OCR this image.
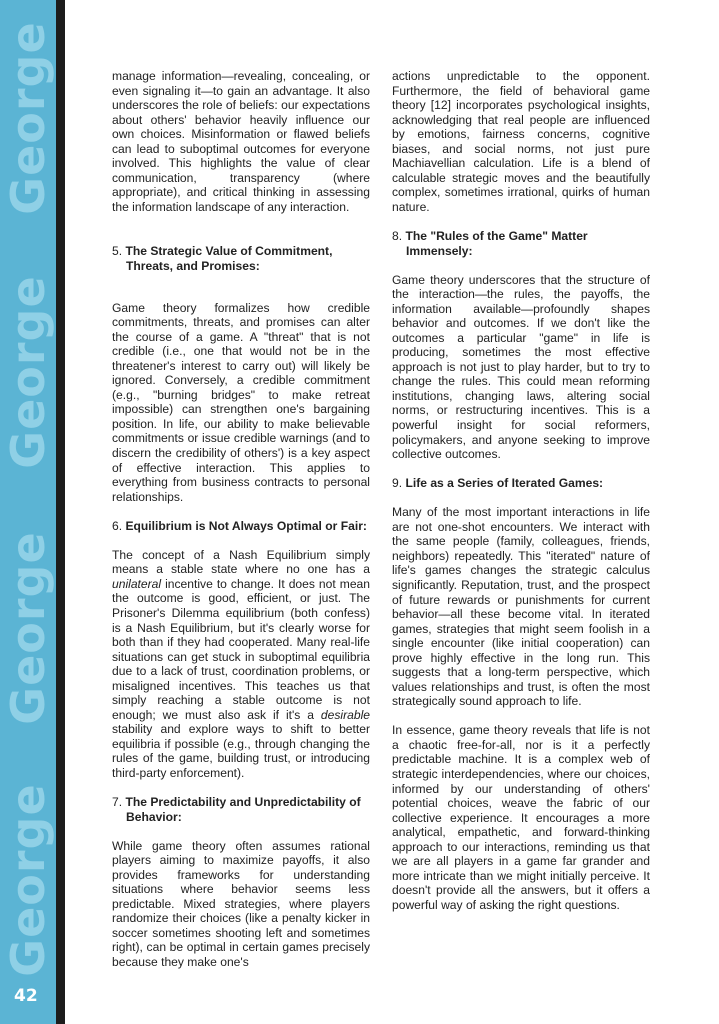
George
George
George
George
42

manage information—revealing, concealing, or even signaling it—to gain an advantage. It also underscores the role of beliefs: our expectations about others' behavior heavily influence our own choices. Misinformation or flawed beliefs can lead to suboptimal outcomes for everyone involved. This highlights the value of clear communication, transparency (where appropriate), and critical thinking in assessing the information landscape of any interaction.

5. The Strategic Value of Commitment, Threats, and Promises:

Game theory formalizes how credible commitments, threats, and promises can alter the course of a game. A "threat" that is not credible (i.e., one that would not be in the threatener's interest to carry out) will likely be ignored. Conversely, a credible commitment (e.g., "burning bridges" to make retreat impossible) can strengthen one's bargaining position. In life, our ability to make believable commitments or issue credible warnings (and to discern the credibility of others') is a key aspect of effective interaction. This applies to everything from business contracts to personal relationships.

6. Equilibrium is Not Always Optimal or Fair:

The concept of a Nash Equilibrium simply means a stable state where no one has a unilateral incentive to change. It does not mean the outcome is good, efficient, or just. The Prisoner's Dilemma equilibrium (both confess) is a Nash Equilibrium, but it's clearly worse for both than if they had cooperated. Many real-life situations can get stuck in suboptimal equilibria due to a lack of trust, coordination problems, or misaligned incentives. This teaches us that simply reaching a stable outcome is not enough; we must also ask if it's a desirable stability and explore ways to shift to better equilibria if possible (e.g., through changing the rules of the game, building trust, or introducing third-party enforcement).

7. The Predictability and Unpredictability of Behavior:

While game theory often assumes rational players aiming to maximize payoffs, it also provides frameworks for understanding situations where behavior seems less predictable. Mixed strategies, where players randomize their choices (like a penalty kicker in soccer sometimes shooting left and sometimes right), can be optimal in certain games precisely because they make one's

actions unpredictable to the opponent. Furthermore, the field of behavioral game theory [12] incorporates psychological insights, acknowledging that real people are influenced by emotions, fairness concerns, cognitive biases, and social norms, not just pure Machiavellian calculation. Life is a blend of calculable strategic moves and the beautifully complex, sometimes irrational, quirks of human nature.

8. The "Rules of the Game" Matter Immensely:

Game theory underscores that the structure of the interaction—the rules, the payoffs, the information available—profoundly shapes behavior and outcomes. If we don't like the outcomes a particular "game" in life is producing, sometimes the most effective approach is not just to play harder, but to try to change the rules. This could mean reforming institutions, changing laws, altering social norms, or restructuring incentives. This is a powerful insight for social reformers, policymakers, and anyone seeking to improve collective outcomes.

9. Life as a Series of Iterated Games:

Many of the most important interactions in life are not one-shot encounters. We interact with the same people (family, colleagues, friends, neighbors) repeatedly. This "iterated" nature of life's games changes the strategic calculus significantly. Reputation, trust, and the prospect of future rewards or punishments for current behavior—all these become vital. In iterated games, strategies that might seem foolish in a single encounter (like initial cooperation) can prove highly effective in the long run. This suggests that a long-term perspective, which values relationships and trust, is often the most strategically sound approach to life.

In essence, game theory reveals that life is not a chaotic free-for-all, nor is it a perfectly predictable machine. It is a complex web of strategic interdependencies, where our choices, informed by our understanding of others' potential choices, weave the fabric of our collective experience. It encourages a more analytical, empathetic, and forward-thinking approach to our interactions, reminding us that we are all players in a game far grander and more intricate than we might initially perceive. It doesn't provide all the answers, but it offers a powerful way of asking the right questions.
